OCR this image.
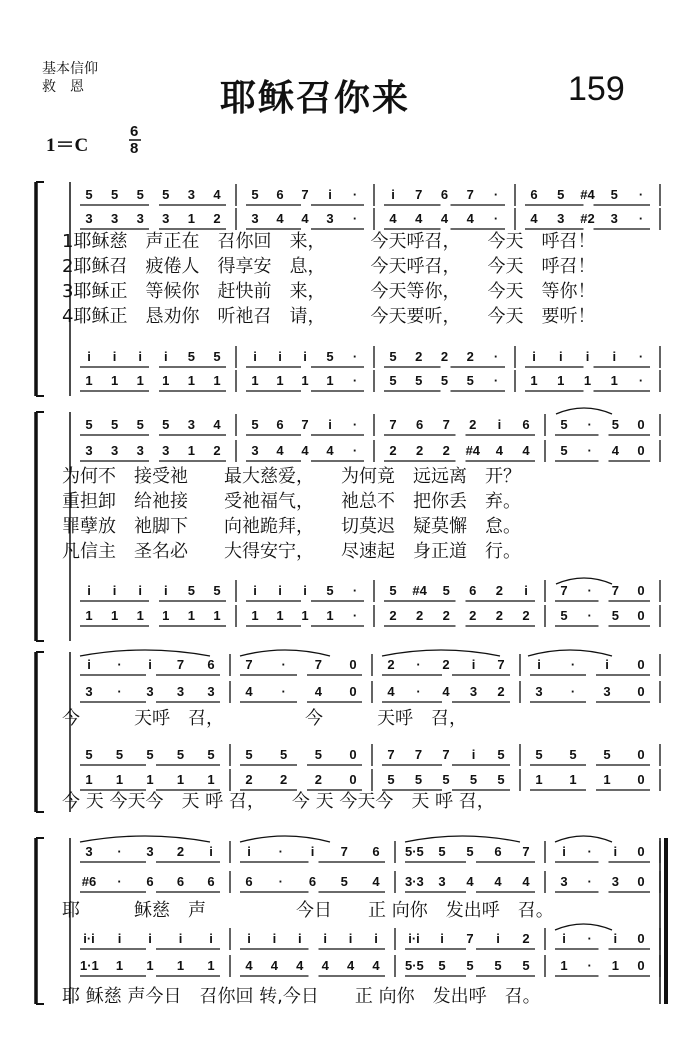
基本信仰
救　恩	耶稣召你来	159
1＝C
6
8
5	5	5	5	3	4	5	6	7	i	·	i	7	6	7	·	6	5	#4	5	·
3	3	3	3	1	2	3	4	4	3	·	4	4	4	4	·	4	3	#2	3	·
i	i	i	i	5	5	i	i	i	5	·	5	2	2	2	·	i	i	i	i	·
1	1	1	1	1	1	1	1	1	1	·	5	5	5	5	·	1	1	1	1	·
1耶稣慈　声正在　召你回　来，　　　今天呼召，　　今天　呼召！
2耶稣召　疲倦人　得享安　息，　　　今天呼召，　　今天　呼召！
3耶稣正　等候你　赶快前　来，　　　今天等你，　　今天　等你！
4耶稣正　恳劝你　听祂召　请，　　　今天要听，　　今天　要听！
5	5	5	5	3	4	5	6	7	i	·	7	6	7	2	i	6	5	·	5	0
3	3	3	3	1	2	3	4	4	4	·	2	2	2	#4	4	4	5	·	4	0
i	i	i	i	5	5	i	i	i	5	·	5	#4	5	6	2	i	7	·	7	0
1	1	1	1	1	1	1	1	1	1	·	2	2	2	2	2	2	5	·	5	0
为何不　接受祂　　最大慈爱，　　为何竟　远远离　开？
重担卸　给祂接　　受祂福气，　　祂总不　把你丢　弃。
罪孽放　祂脚下　　向祂跪拜，　　切莫迟　疑莫懈　怠。
凡信主　圣名必　　大得安宁，　　尽速起　身正道　行。
i	·	i	7	6	7	·	7	0	2	·	2	i	7	i	·	i	0
3	·	3	3	3	4	·	4	0	4	·	4	3	2	3	·	3	0
5	5	5	5	5	5	5	5	0	7	7	7	i	5	5	5	5	0
1	1	1	1	1	2	2	2	0	5	5	5	5	5	1	1	1	0
今　　　天呼　召，　　　　　今　　　天呼　召，
今 天 今天今　天 呼 召，　　今 天 今天今　天 呼 召，
3	·	3	2	i	i	·	i	7	6	5·5	5	5	6	7	i	·	i	0
#6	·	6	6	6	6	·	6	5	4	3·3	3	4	4	4	3	·	3	0
i·i	i	i	i	i	i	i	i	i	i	i	i·i	i	7	i	2	i	·	i	0
1·1	1	1	1	1	4	4	4	4	4	4	5·5	5	5	5	5	1	·	1	0
耶　　　稣慈　声　　　　　今日　　正 向你　发出呼　召。
耶 稣慈 声今日　召你回 转,今日　　正 向你　发出呼　召。
